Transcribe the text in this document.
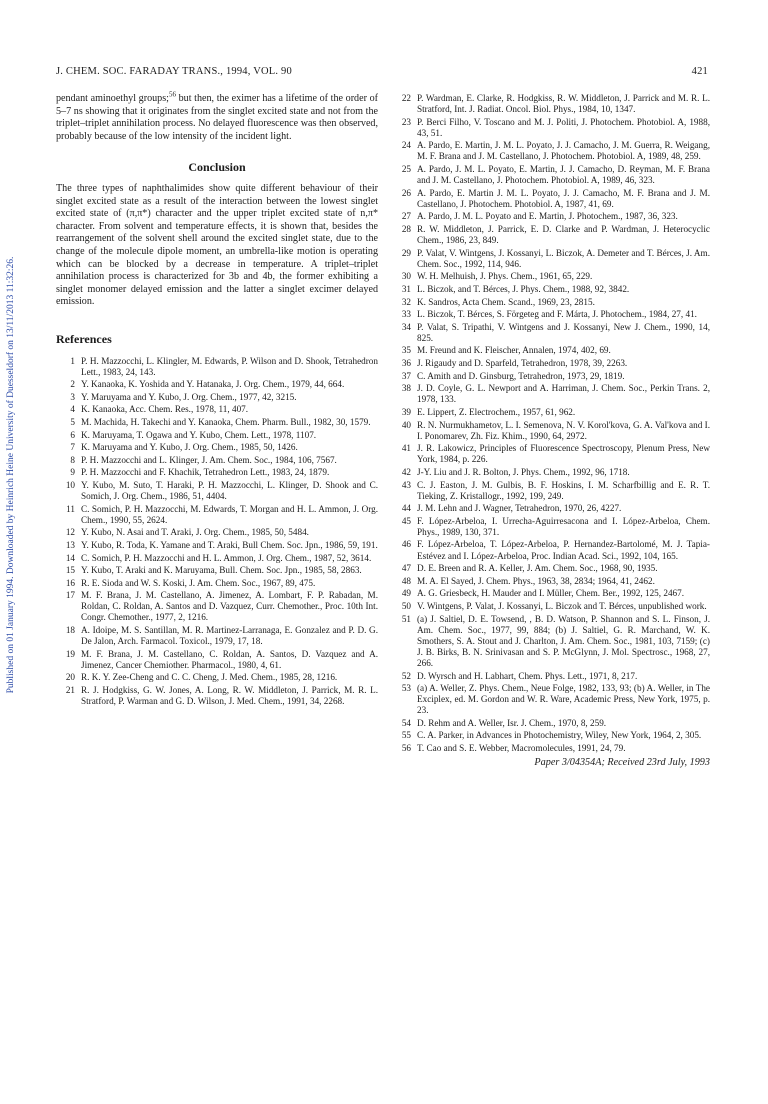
J. CHEM. SOC. FARADAY TRANS., 1994, VOL. 90	421
Published on 01 January 1994. Downloaded by Heinrich Heine University of Duesseldorf on 13/11/2013 11:32:26.

pendant aminoethyl groups;$^{56}$ but then, the eximer has a lifetime of the order of 5–7 ns showing that it originates from the singlet excited state and not from the triplet–triplet annihilation process. No delayed fluorescence was then observed, probably because of the low intensity of the incident light.

Conclusion

The three types of naphthalimides show quite different behaviour of their singlet excited state as a result of the interaction between the lowest singlet excited state of (π,π*) character and the upper triplet excited state of n,π* character. From solvent and temperature effects, it is shown that, besides the rearrangement of the solvent shell around the excited singlet state, due to the change of the molecule dipole moment, an umbrella-like motion is operating which can be blocked by a decrease in temperature. A triplet–triplet annihilation process is characterized for 3b and 4b, the former exhibiting a singlet monomer delayed emission and the latter a singlet excimer delayed emission.

References
1 P. H. Mazzocchi, L. Klingler, M. Edwards, P. Wilson and D. Shook, Tetrahedron Lett., 1983, 24, 143.
2 Y. Kanaoka, K. Yoshida and Y. Hatanaka, J. Org. Chem., 1979, 44, 664.
3 Y. Maruyama and Y. Kubo, J. Org. Chem., 1977, 42, 3215.
4 K. Kanaoka, Acc. Chem. Res., 1978, 11, 407.
5 M. Machida, H. Takechi and Y. Kanaoka, Chem. Pharm. Bull., 1982, 30, 1579.
6 K. Maruyama, T. Ogawa and Y. Kubo, Chem. Lett., 1978, 1107.
7 K. Maruyama and Y. Kubo, J. Org. Chem., 1985, 50, 1426.
8 P. H. Mazzocchi and L. Klinger, J. Am. Chem. Soc., 1984, 106, 7567.
9 P. H. Mazzocchi and F. Khachik, Tetrahedron Lett., 1983, 24, 1879.
10 Y. Kubo, M. Suto, T. Haraki, P. H. Mazzocchi, L. Klinger, D. Shook and C. Somich, J. Org. Chem., 1986, 51, 4404.
11 C. Somich, P. H. Mazzocchi, M. Edwards, T. Morgan and H. L. Ammon, J. Org. Chem., 1990, 55, 2624.
12 Y. Kubo, N. Asai and T. Araki, J. Org. Chem., 1985, 50, 5484.
13 Y. Kubo, R. Toda, K. Yamane and T. Araki, Bull Chem. Soc. Jpn., 1986, 59, 191.
14 C. Somich, P. H. Mazzocchi and H. L. Ammon, J. Org. Chem., 1987, 52, 3614.
15 Y. Kubo, T. Araki and K. Maruyama, Bull. Chem. Soc. Jpn., 1985, 58, 2863.
16 R. E. Sioda and W. S. Koski, J. Am. Chem. Soc., 1967, 89, 475.
17 M. F. Brana, J. M. Castellano, A. Jimenez, A. Lombart, F. P. Rabadan, M. Roldan, C. Roldan, A. Santos and D. Vazquez, Curr. Chemother., Proc. 10th Int. Congr. Chemother., 1977, 2, 1216.
18 A. Idoipe, M. S. Santillan, M. R. Martinez-Larranaga, E. Gonzalez and P. D. G. De Jalon, Arch. Farmacol. Toxicol., 1979, 17, 18.
19 M. F. Brana, J. M. Castellano, C. Roldan, A. Santos, D. Vazquez and A. Jimenez, Cancer Chemiother. Pharmacol., 1980, 4, 61.
20 R. K. Y. Zee-Cheng and C. C. Cheng, J. Med. Chem., 1985, 28, 1216.
21 R. J. Hodgkiss, G. W. Jones, A. Long, R. W. Middleton, J. Parrick, M. R. L. Stratford, P. Warman and G. D. Wilson, J. Med. Chem., 1991, 34, 2268.
22 P. Wardman, E. Clarke, R. Hodgkiss, R. W. Middleton, J. Parrick and M. R. L. Stratford, Int. J. Radiat. Oncol. Biol. Phys., 1984, 10, 1347.
23 P. Berci Filho, V. Toscano and M. J. Politi, J. Photochem. Photobiol. A, 1988, 43, 51.
24 A. Pardo, E. Martin, J. M. L. Poyato, J. J. Camacho, J. M. Guerra, R. Weigang, M. F. Brana and J. M. Castellano, J. Photochem. Photobiol. A, 1989, 48, 259.
25 A. Pardo, J. M. L. Poyato, E. Martin, J. J. Camacho, D. Reyman, M. F. Brana and J. M. Castellano, J. Photochem. Photobiol. A, 1989, 46, 323.
26 A. Pardo, E. Martin J. M. L. Poyato, J. J. Camacho, M. F. Brana and J. M. Castellano, J. Photochem. Photobiol. A, 1987, 41, 69.
27 A. Pardo, J. M. L. Poyato and E. Martin, J. Photochem., 1987, 36, 323.
28 R. W. Middleton, J. Parrick, E. D. Clarke and P. Wardman, J. Heterocyclic Chem., 1986, 23, 849.
29 P. Valat, V. Wintgens, J. Kossanyi, L. Biczok, A. Demeter and T. Bérces, J. Am. Chem. Soc., 1992, 114, 946.
30 W. H. Melhuish, J. Phys. Chem., 1961, 65, 229.
31 L. Biczok, and T. Bérces, J. Phys. Chem., 1988, 92, 3842.
32 K. Sandros, Acta Chem. Scand., 1969, 23, 2815.
33 L. Biczok, T. Bérces, S. Förgeteg and F. Márta, J. Photochem., 1984, 27, 41.
34 P. Valat, S. Tripathi, V. Wintgens and J. Kossanyi, New J. Chem., 1990, 14, 825.
35 M. Freund and K. Fleischer, Annalen, 1974, 402, 69.
36 J. Rigaudy and D. Sparfeld, Tetrahedron, 1978, 39, 2263.
37 C. Amith and D. Ginsburg, Tetrahedron, 1973, 29, 1819.
38 J. D. Coyle, G. L. Newport and A. Harriman, J. Chem. Soc., Perkin Trans. 2, 1978, 133.
39 E. Lippert, Z. Electrochem., 1957, 61, 962.
40 R. N. Nurmukhametov, L. I. Semenova, N. V. Korol'kova, G. A. Val'kova and I. I. Ponomarev, Zh. Fiz. Khim., 1990, 64, 2972.
41 J. R. Lakowicz, Principles of Fluorescence Spectroscopy, Plenum Press, New York, 1984, p. 226.
42 J-Y. Liu and J. R. Bolton, J. Phys. Chem., 1992, 96, 1718.
43 C. J. Easton, J. M. Gulbis, B. F. Hoskins, I. M. Scharfbillig and E. R. T. Tieking, Z. Kristallogr., 1992, 199, 249.
44 J. M. Lehn and J. Wagner, Tetrahedron, 1970, 26, 4227.
45 F. López-Arbeloa, I. Urrecha-Aguirresacona and I. López-Arbeloa, Chem. Phys., 1989, 130, 371.
46 F. López-Arbeloa, T. López-Arbeloa, P. Hernandez-Bartolomé, M. J. Tapia-Estévez and I. López-Arbeloa, Proc. Indian Acad. Sci., 1992, 104, 165.
47 D. E. Breen and R. A. Keller, J. Am. Chem. Soc., 1968, 90, 1935.
48 M. A. El Sayed, J. Chem. Phys., 1963, 38, 2834; 1964, 41, 2462.
49 A. G. Griesbeck, H. Mauder and I. Müller, Chem. Ber., 1992, 125, 2467.
50 V. Wintgens, P. Valat, J. Kossanyi, L. Biczok and T. Bérces, unpublished work.
51 (a) J. Saltiel, D. E. Towsend, , B. D. Watson, P. Shannon and S. L. Finson, J. Am. Chem. Soc., 1977, 99, 884; (b) J. Saltiel, G. R. Marchand, W. K. Smothers, S. A. Stout and J. Charlton, J. Am. Chem. Soc., 1981, 103, 7159; (c) J. B. Birks, B. N. Srinivasan and S. P. McGlynn, J. Mol. Spectrosc., 1968, 27, 266.
52 D. Wyrsch and H. Labhart, Chem. Phys. Lett., 1971, 8, 217.
53 (a) A. Weller, Z. Phys. Chem., Neue Folge, 1982, 133, 93; (b) A. Weller, in The Exciplex, ed. M. Gordon and W. R. Ware, Academic Press, New York, 1975, p. 23.
54 D. Rehm and A. Weller, Isr. J. Chem., 1970, 8, 259.
55 C. A. Parker, in Advances in Photochemistry, Wiley, New York, 1964, 2, 305.
56 T. Cao and S. E. Webber, Macromolecules, 1991, 24, 79.
Paper 3/04354A; Received 23rd July, 1993
